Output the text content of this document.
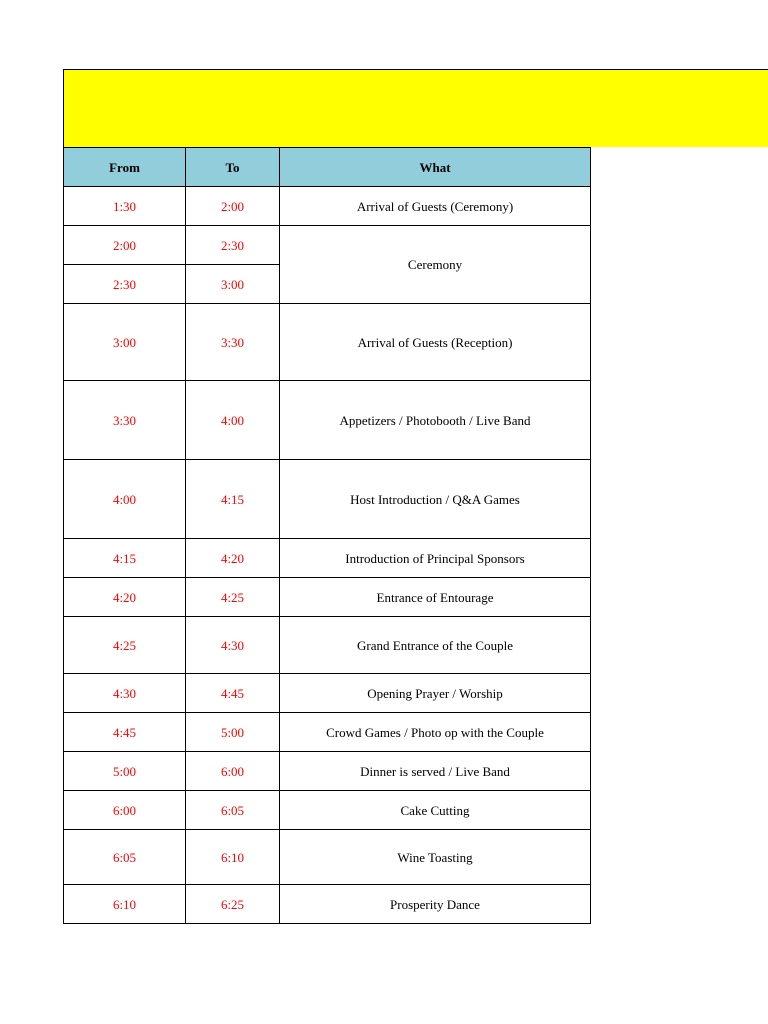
From	To	What
1:30	2:00	Arrival of Guests (Ceremony)
2:00	2:30	Ceremony
2:30	3:00	
3:00	3:30	Arrival of Guests (Reception)
3:30	4:00	Appetizers / Photobooth / Live Band
4:00	4:15	Host Introduction / Q&A Games
4:15	4:20	Introduction of Principal Sponsors
4:20	4:25	Entrance of Entourage
4:25	4:30	Grand Entrance of the Couple
4:30	4:45	Opening Prayer / Worship
4:45	5:00	Crowd Games / Photo op with the Couple
5:00	6:00	Dinner is served / Live Band
6:00	6:05	Cake Cutting
6:05	6:10	Wine Toasting
6:10	6:25	Prosperity Dance
